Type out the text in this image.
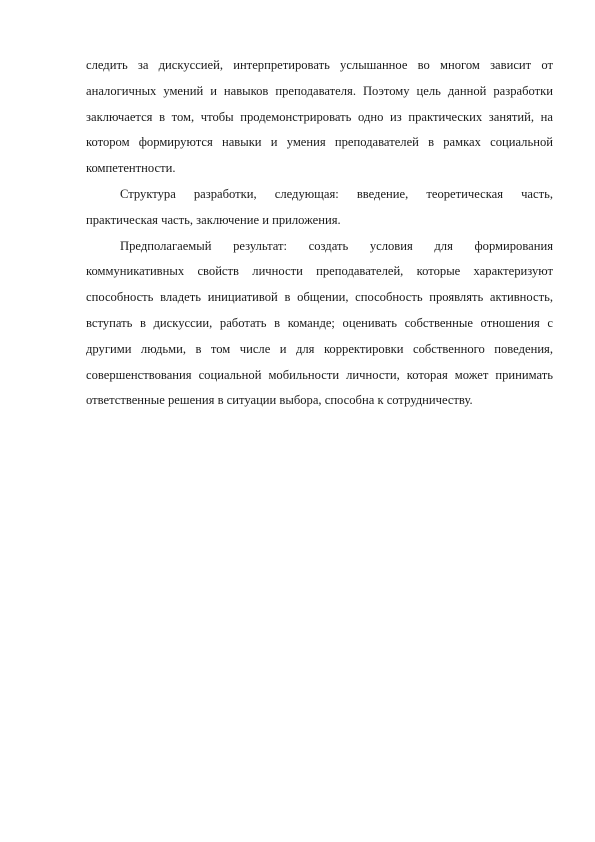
следить за дискуссией, интерпретировать услышанное во многом зависит от аналогичных умений и навыков преподавателя. Поэтому цель данной разработки заключается в том, чтобы продемонстрировать одно из практических занятий, на котором формируются навыки и умения преподавателей в рамках социальной компетентности.

Структура разработки, следующая: введение, теоретическая часть, практическая часть, заключение и приложения.

Предполагаемый результат: создать условия для формирования коммуникативных свойств личности преподавателей, которые характеризуют способность владеть инициативой в общении, способность проявлять активность, вступать в дискуссии, работать в команде; оценивать собственные отношения с другими людьми, в том числе и для корректировки собственного поведения, совершенствования социальной мобильности личности, которая может принимать ответственные решения в ситуации выбора, способна к сотрудничеству.
